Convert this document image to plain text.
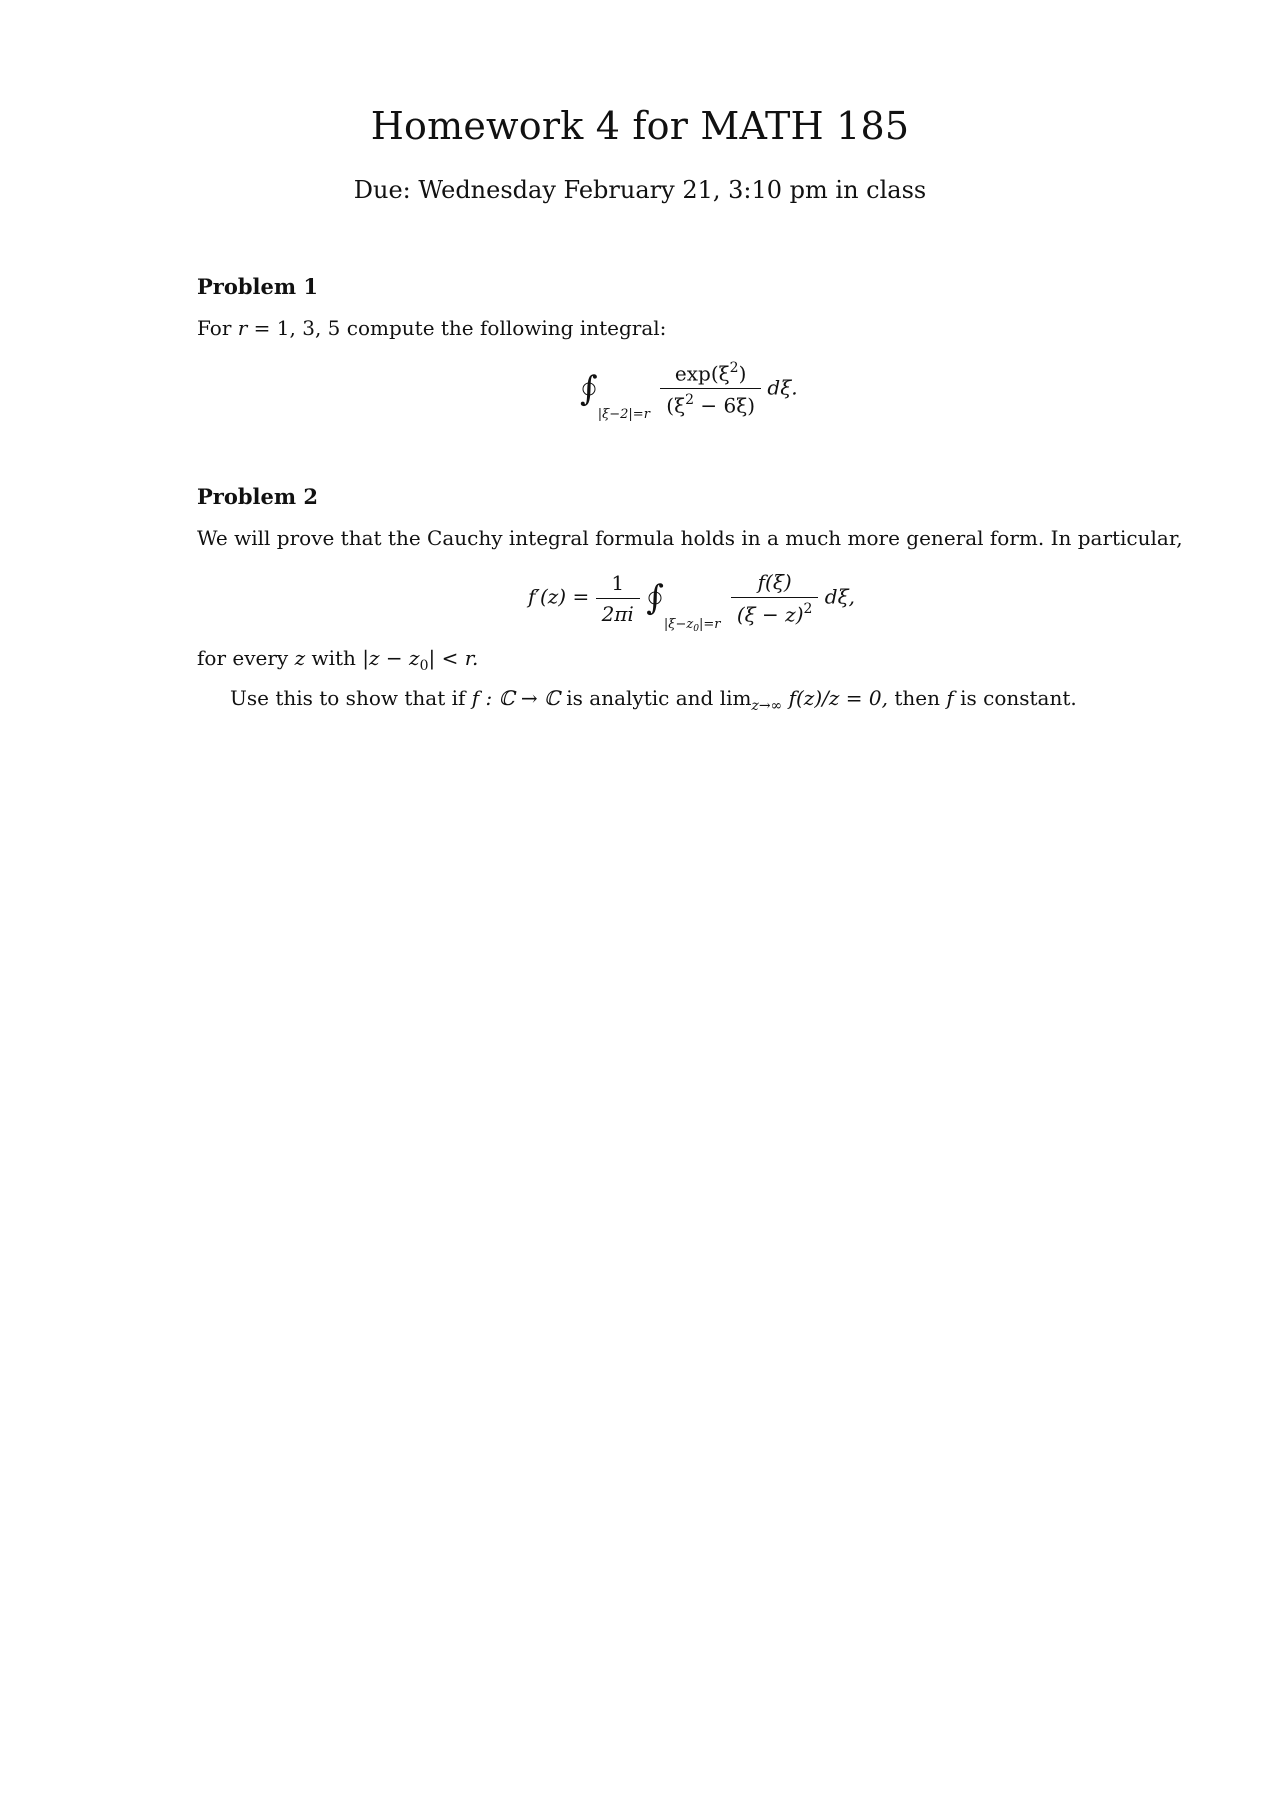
Homework 4 for MATH 185
Due: Wednesday February 21, 3:10 pm in class
Problem 1
For r = 1, 3, 5 compute the following integral:
∫
$|\xi-2|=r \frac{\exp(\xi^2)}{(\xi^2 - 6\xi)} d\xi$.
Problem 2
We will prove that the Cauchy integral formula holds in a much more general form. In particular,
$f'(z) = \frac{1}{2\pi i}$ ∫
$|\xi-z_0|=r \frac{f(\xi)}{(\xi - z)^2} d\xi$,
for every z with $|z - z_0| < r$.
Use this to show that if f : ℂ → ℂ is analytic and $\lim_{z\to\infty} f(z)/z = 0$, then f is constant.
